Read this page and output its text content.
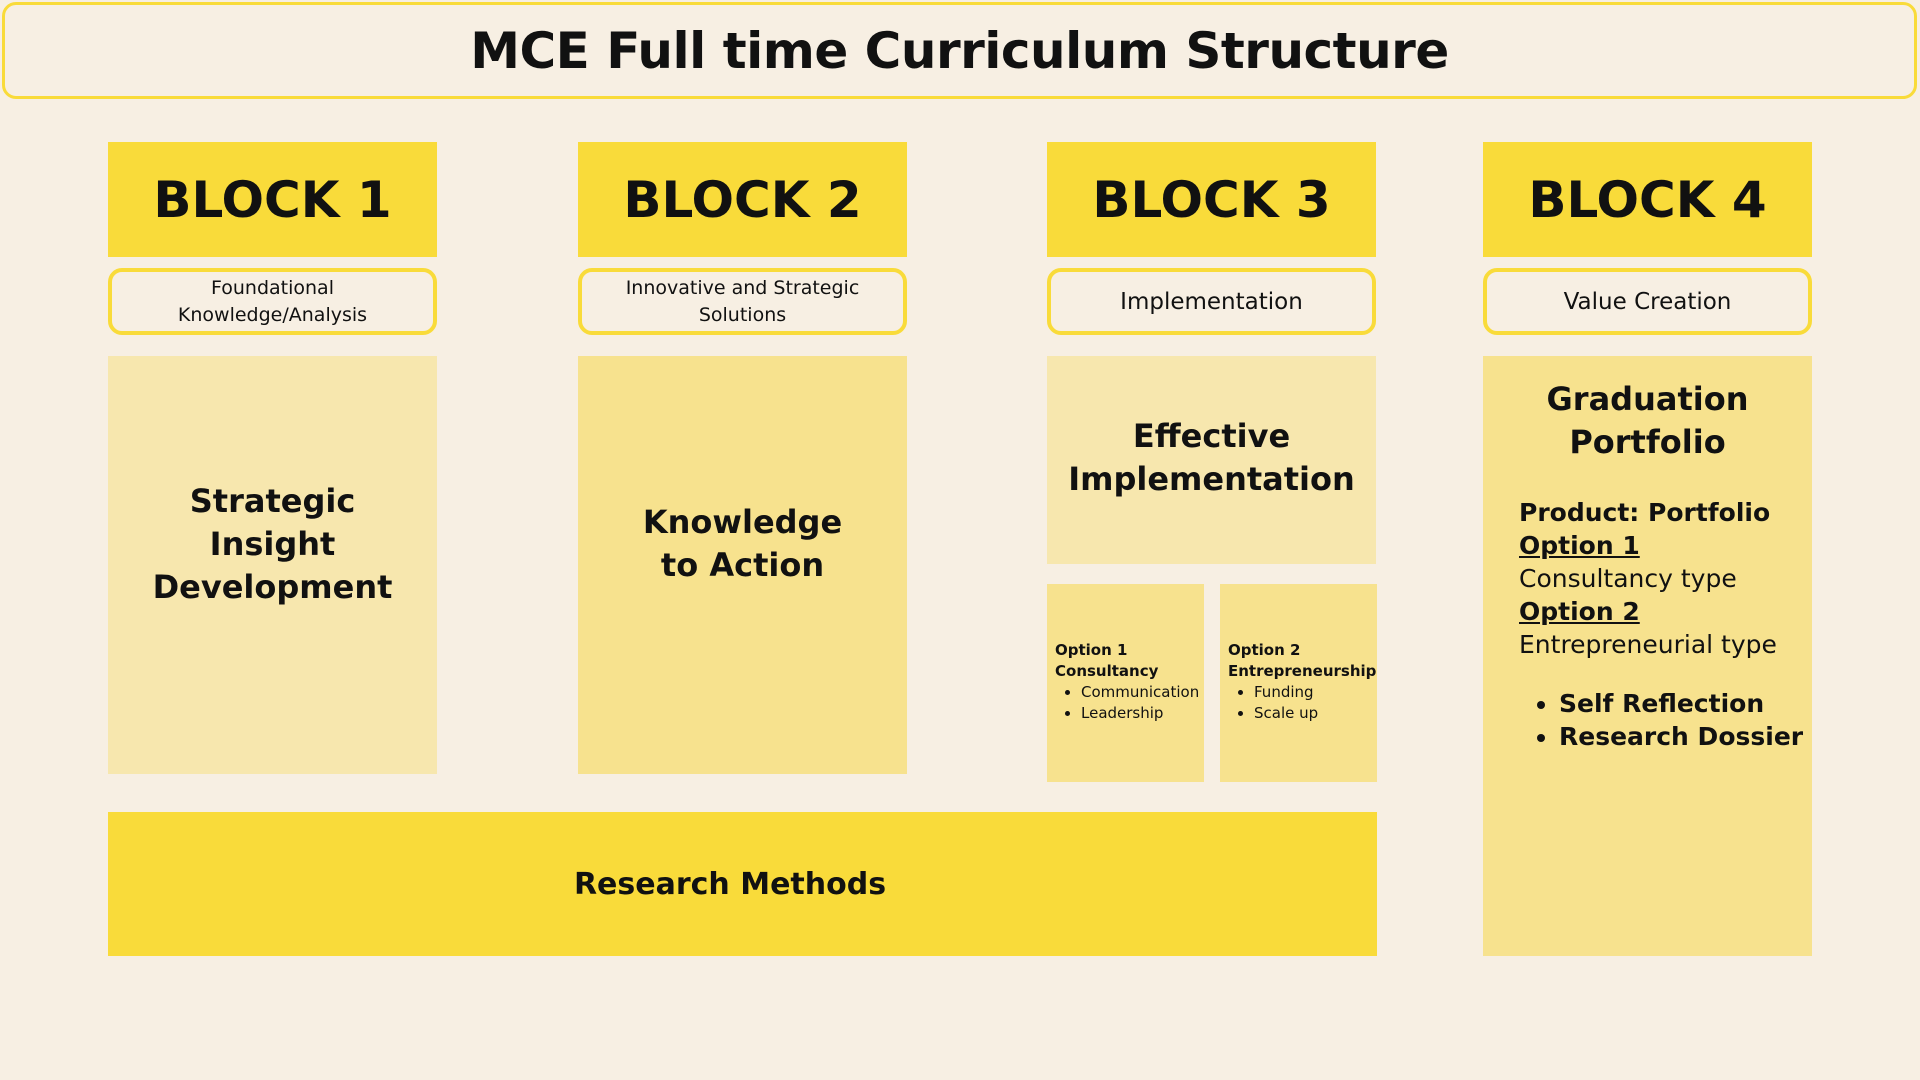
MCE Full time Curriculum Structure
BLOCK 1	BLOCK 2	BLOCK 3	BLOCK 4
Foundational Knowledge/Analysis
Innovative and Strategic Solutions	Implementation	Value Creation
Strategic Insight Development
Knowledge to Action
Effective Implementation
Option 1
Consultancy
• Communication
• Leadership
Option 2
Entrepreneurship
• Funding
• Scale up
Graduation Portfolio
Product: Portfolio
Option 1
Consultancy type
Option 2
Entrepreneurial type
• Self Reflection
• Research Dossier
Research Methods
